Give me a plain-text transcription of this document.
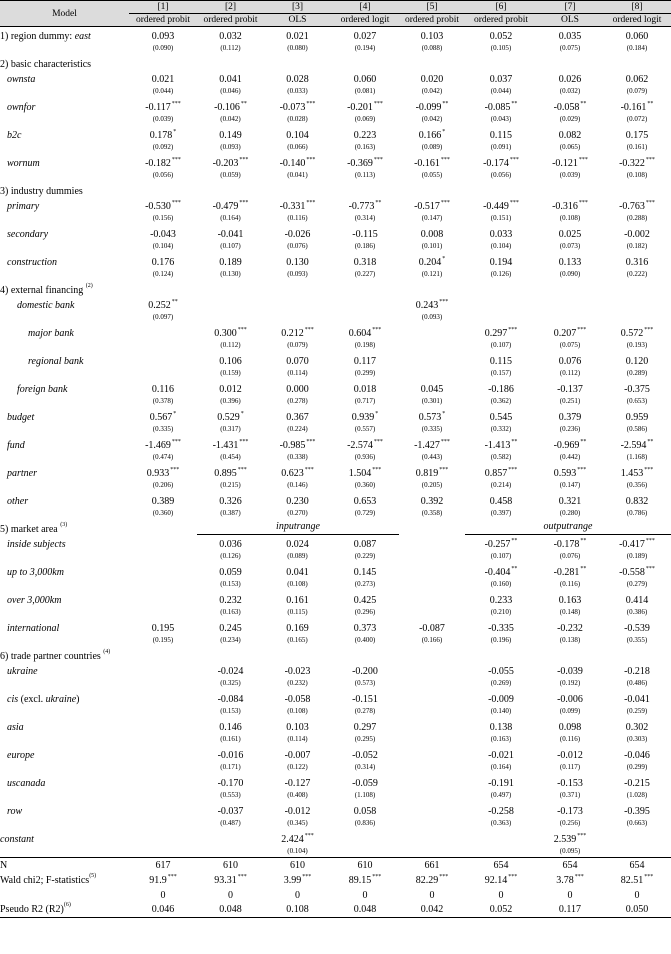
Model	[1]	[2]	[3]	[4]	[5]	[6]	[7]	[8]
	ordered probit	ordered probit	OLS	ordered logit	ordered probit	ordered probit	OLS	ordered logit
1) region dummy: east	0.093	0.032	0.021	0.027	0.103	0.052	0.035	0.060
	(0.090)	(0.112)	(0.080)	(0.194)	(0.088)	(0.105)	(0.075)	(0.184)
2) basic characteristics								
ownsta	0.021	0.041	0.028	0.060	0.020	0.037	0.026	0.062
	(0.044)	(0.046)	(0.033)	(0.081)	(0.042)	(0.044)	(0.032)	(0.079)
ownfor	-0.117***	-0.106**	-0.073***	-0.201***	-0.099**	-0.085**	-0.058**	-0.161**
	(0.039)	(0.042)	(0.028)	(0.069)	(0.042)	(0.043)	(0.029)	(0.072)
b2c	0.178*	0.149	0.104	0.223	0.166*	0.115	0.082	0.175
	(0.092)	(0.093)	(0.066)	(0.163)	(0.089)	(0.091)	(0.065)	(0.161)
wornum	-0.182***	-0.203***	-0.140***	-0.369***	-0.161***	-0.174***	-0.121***	-0.322***
	(0.056)	(0.059)	(0.041)	(0.113)	(0.055)	(0.056)	(0.039)	(0.108)
3) industry dummies								
primary	-0.530***	-0.479***	-0.331***	-0.773**	-0.517***	-0.449***	-0.316***	-0.763***
	(0.156)	(0.164)	(0.116)	(0.314)	(0.147)	(0.151)	(0.108)	(0.288)
secondary	-0.043	-0.041	-0.026	-0.115	0.008	0.033	0.025	-0.002
	(0.104)	(0.107)	(0.076)	(0.186)	(0.101)	(0.104)	(0.073)	(0.182)
construction	0.176	0.189	0.130	0.318	0.204*	0.194	0.133	0.316
	(0.124)	(0.130)	(0.093)	(0.227)	(0.121)	(0.126)	(0.090)	(0.222)
4) external financing $^{(2)}$								
domestic bank	0.252**				0.243***			
	(0.097)				(0.093)			
major bank		0.300***	0.212***	0.604***		0.297***	0.207***	0.572***
		(0.112)	(0.079)	(0.198)		(0.107)	(0.075)	(0.193)
regional bank		0.106	0.070	0.117		0.115	0.076	0.120
		(0.159)	(0.114)	(0.299)		(0.157)	(0.112)	(0.289)
foreign bank	0.116	0.012	0.000	0.018	0.045	-0.186	-0.137	-0.375
	(0.378)	(0.396)	(0.278)	(0.717)	(0.301)	(0.362)	(0.251)	(0.653)
budget	0.567*	0.529*	0.367	0.939*	0.573*	0.545	0.379	0.959
	(0.335)	(0.317)	(0.224)	(0.557)	(0.335)	(0.332)	(0.236)	(0.586)
fund	-1.469***	-1.431***	-0.985***	-2.574***	-1.427***	-1.413**	-0.969**	-2.594**
	(0.474)	(0.454)	(0.338)	(0.936)	(0.443)	(0.582)	(0.442)	(1.168)
partner	0.933***	0.895***	0.623***	1.504***	0.819***	0.857***	0.593***	1.453***
	(0.206)	(0.215)	(0.146)	(0.360)	(0.205)	(0.214)	(0.147)	(0.356)
other	0.389	0.326	0.230	0.653	0.392	0.458	0.321	0.832
	(0.360)	(0.387)	(0.270)	(0.729)	(0.358)	(0.397)	(0.280)	(0.786)
5) market area $^{(3)}$		inputrange				outputrange		
inside subjects		0.036	0.024	0.087		-0.257**	-0.178**	-0.417***
		(0.126)	(0.089)	(0.229)		(0.107)	(0.076)	(0.189)
up to 3,000km		0.059	0.041	0.145		-0.404**	-0.281**	-0.558***
		(0.153)	(0.108)	(0.273)		(0.160)	(0.116)	(0.279)
over 3,000km		0.232	0.161	0.425		0.233	0.163	0.414
		(0.163)	(0.115)	(0.296)		(0.210)	(0.148)	(0.386)
international	0.195	0.245	0.169	0.373	-0.087	-0.335	-0.232	-0.539
	(0.195)	(0.234)	(0.165)	(0.400)	(0.166)	(0.196)	(0.138)	(0.355)
6) trade partner countries $^{(4)}$								
ukraine		-0.024	-0.023	-0.200		-0.055	-0.039	-0.218
		(0.325)	(0.232)	(0.573)		(0.269)	(0.192)	(0.486)
cis (excl. ukraine)		-0.084	-0.058	-0.151		-0.009	-0.006	-0.041
		(0.153)	(0.108)	(0.278)		(0.140)	(0.099)	(0.259)
asia		0.146	0.103	0.297		0.138	0.098	0.302
		(0.161)	(0.114)	(0.295)		(0.163)	(0.116)	(0.303)
europe		-0.016	-0.007	-0.052		-0.021	-0.012	-0.046
		(0.171)	(0.122)	(0.314)		(0.164)	(0.117)	(0.299)
uscanada		-0.170	-0.127	-0.059		-0.191	-0.153	-0.215
		(0.553)	(0.408)	(1.108)		(0.497)	(0.371)	(1.028)
row		-0.037	-0.012	0.058		-0.258	-0.173	-0.395
		(0.487)	(0.345)	(0.836)		(0.363)	(0.256)	(0.663)
constant			2.424***				2.539***	
			(0.104)				(0.095)	
N	617	610	610	610	661	654	654	654
Wald chi2; F-statistics$^{(5)}$	91.9***	93.31***	3.99***	89.15***	82.29***	92.14***	3.78***	82.51***
	0	0	0	0	0	0	0	0
Pseudo R2 $(R2)^{(6)}$	0.046	0.048	0.108	0.048	0.042	0.052	0.117	0.050
